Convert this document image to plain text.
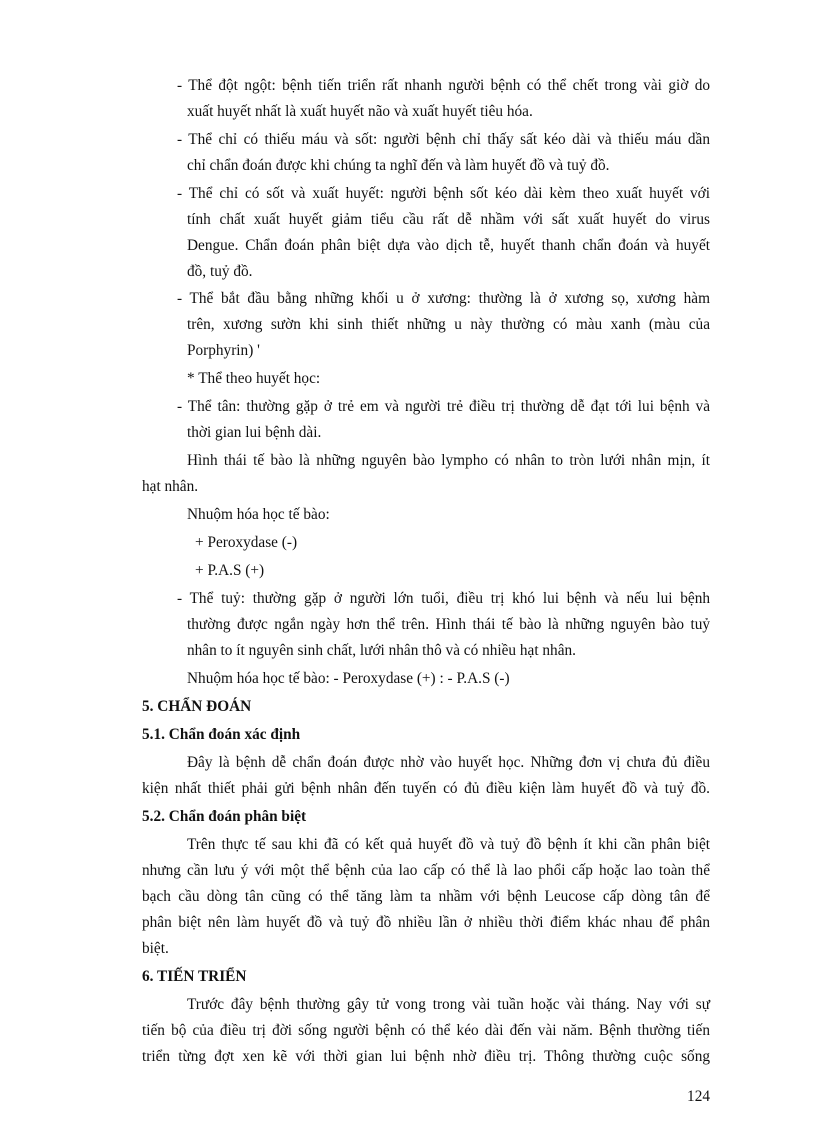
- Thể đột ngột: bệnh tiến triển rất nhanh người bệnh có thể chết trong vài giờ do

xuất huyết nhất là xuất huyết não và xuất huyết tiêu hóa.

- Thể chỉ có thiếu máu và sốt: người bệnh chỉ thấy sất kéo dài và thiếu máu dần

chỉ chẩn đoán được khi chúng ta nghĩ đến và làm huyết đồ và tuỷ đồ.

- Thể chỉ có sốt và xuất huyết: người bệnh sốt kéo dài kèm theo xuất huyết với

tính chất xuất huyết giảm tiểu cầu rất dễ nhầm với sất xuất huyết do virus

Dengue. Chẩn đoán phân biệt dựa vào dịch tễ, huyết thanh chẩn đoán và huyết

đồ, tuỷ đồ.

- Thể bắt đầu bằng những khối u ở xương: thường là ở xương sọ, xương hàm

trên, xương sườn khi sinh thiết những u này thường có màu xanh (màu của

Porphyrin) '

* Thể theo huyết học:

- Thể tân: thường gặp ở trẻ em và người trẻ điều trị thường dễ đạt tới lui bệnh và

thời gian lui bệnh dài.

Hình thái tế bào là những nguyên bào lympho có nhân to tròn lưới nhân mịn, ít

hạt nhân.

Nhuộm hóa học tế bào:

+ Peroxydase (-)

+ P.A.S (+)

- Thể tuỷ: thường gặp ở người lớn tuổi, điều trị khó lui bệnh và nếu lui bệnh

thường được ngắn ngày hơn thể trên. Hình thái tế bào là những nguyên bào tuỷ

nhân to ít nguyên sinh chất, lưới nhân thô và có nhiều hạt nhân.

Nhuộm hóa học tế bào: - Peroxydase (+) : - P.A.S (-)

5. CHẨN ĐOÁN

5.1. Chẩn đoán xác định

Đây là bệnh dễ chẩn đoán được nhờ vào huyết học. Những đơn vị chưa đủ điều

kiện nhất thiết phải gửi bệnh nhân đến tuyến có đủ điều kiện làm huyết đồ và tuỷ đồ.

5.2. Chẩn đoán phân biệt

Trên thực tế sau khi đã có kết quả huyết đồ và tuỷ đồ bệnh ít khi cần phân biệt

nhưng cần lưu ý với một thể bệnh của lao cấp có thể là lao phổi cấp hoặc lao toàn thể

bạch cầu dòng tân cũng có thể tăng làm ta nhầm với bệnh Leucose cấp dòng tân để

phân biệt nên làm huyết đồ và tuỷ đồ nhiều lần ở nhiều thời điểm khác nhau để phân

biệt.

6. TIẾN TRIỂN

Trước đây bệnh thường gây tử vong trong vài tuần hoặc vài tháng. Nay với sự

tiến bộ của điều trị đời sống người bệnh có thể kéo dài đến vài năm. Bệnh thường tiến

triển từng đợt xen kẽ với thời gian lui bệnh nhờ điều trị. Thông thường cuộc sống

124
